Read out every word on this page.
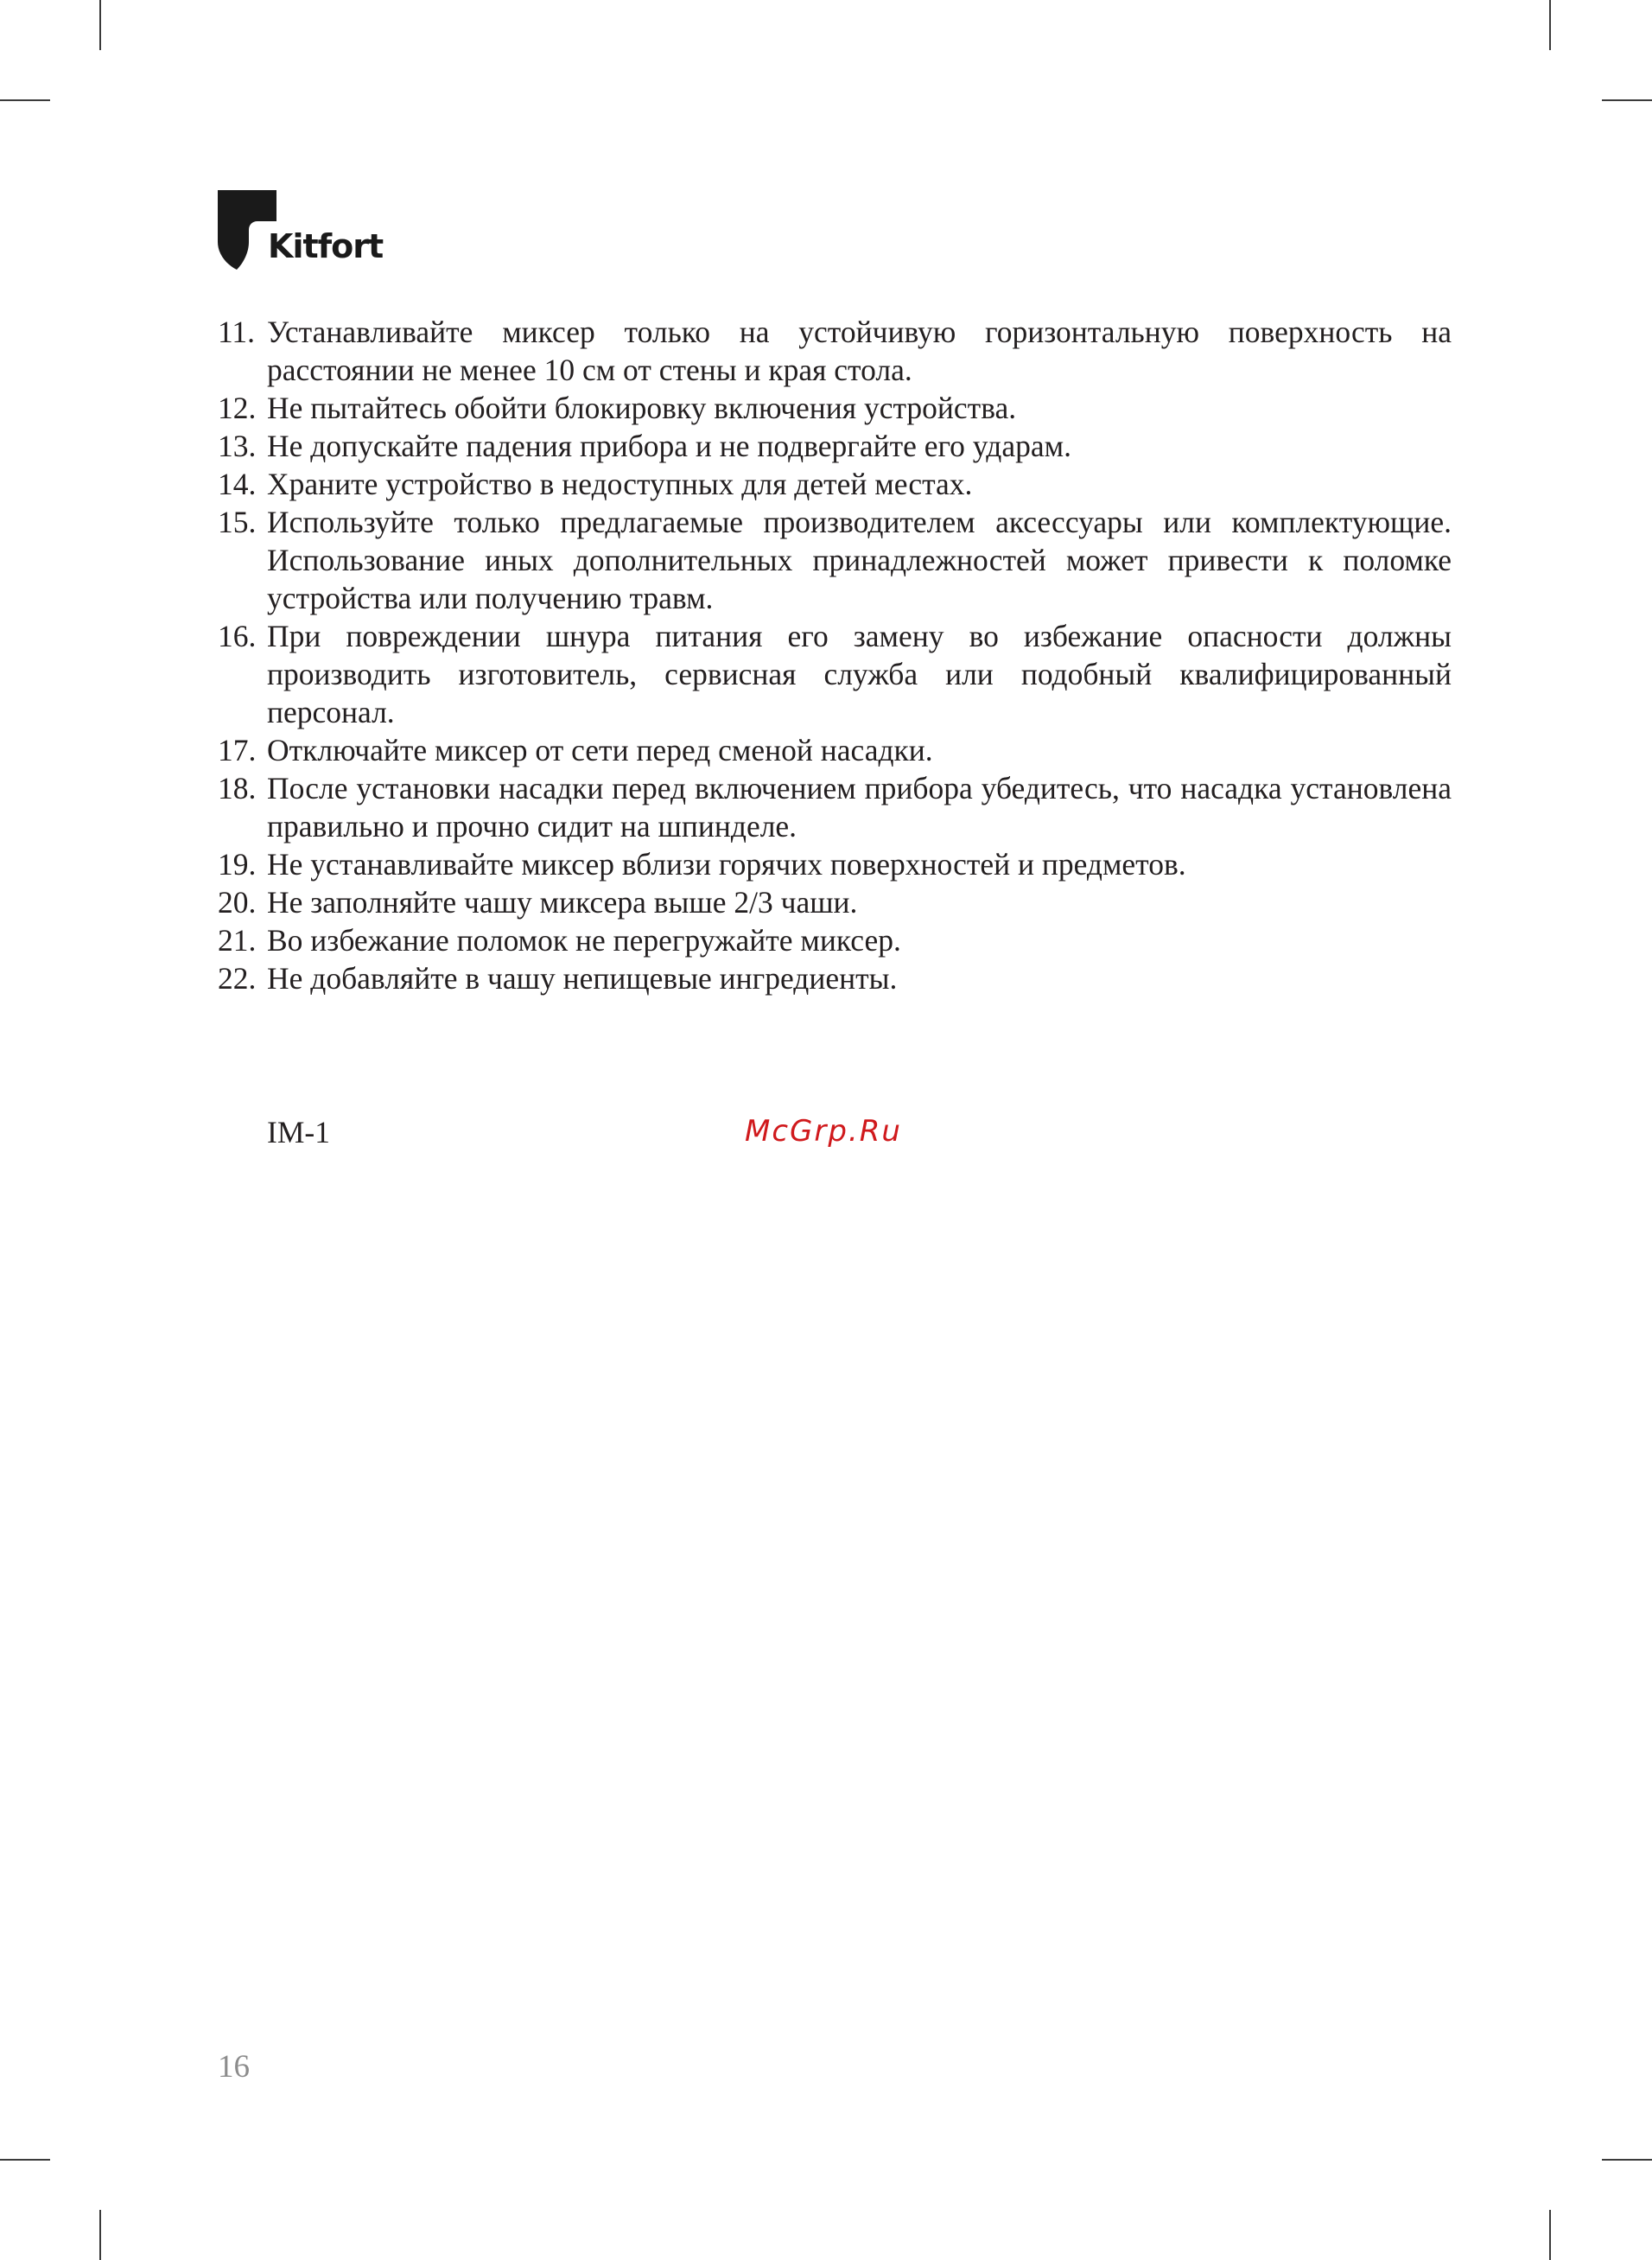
Kitfort
11. Устанавливайте миксер только на устойчивую горизонтальную поверхность на расстоянии не менее 10 см от стены и края стола.
12. Не пытайтесь обойти блокировку включения устройства.
13. Не допускайте падения прибора и не подвергайте его ударам.
14. Храните устройство в недоступных для детей местах.
15. Используйте только предлагаемые производителем аксессуары или комплектующие. Использование иных дополнительных принадлежностей может привести к поломке устройства или получению травм.
16. При повреждении шнура питания его замену во избежание опасности должны производить изготовитель, сервисная служба или подобный квалифицированный персонал.
17. Отключайте миксер от сети перед сменой насадки.
18. После установки насадки перед включением прибора убедитесь, что насадка установлена правильно и прочно сидит на шпинделе.
19. Не устанавливайте миксер вблизи горячих поверхностей и предметов.
20. Не заполняйте чашу миксера выше 2/3 чаши.
21. Во избежание поломок не перегружайте миксер.
22. Не добавляйте в чашу непищевые ингредиенты.
IM-1	McGrp.Ru
16
